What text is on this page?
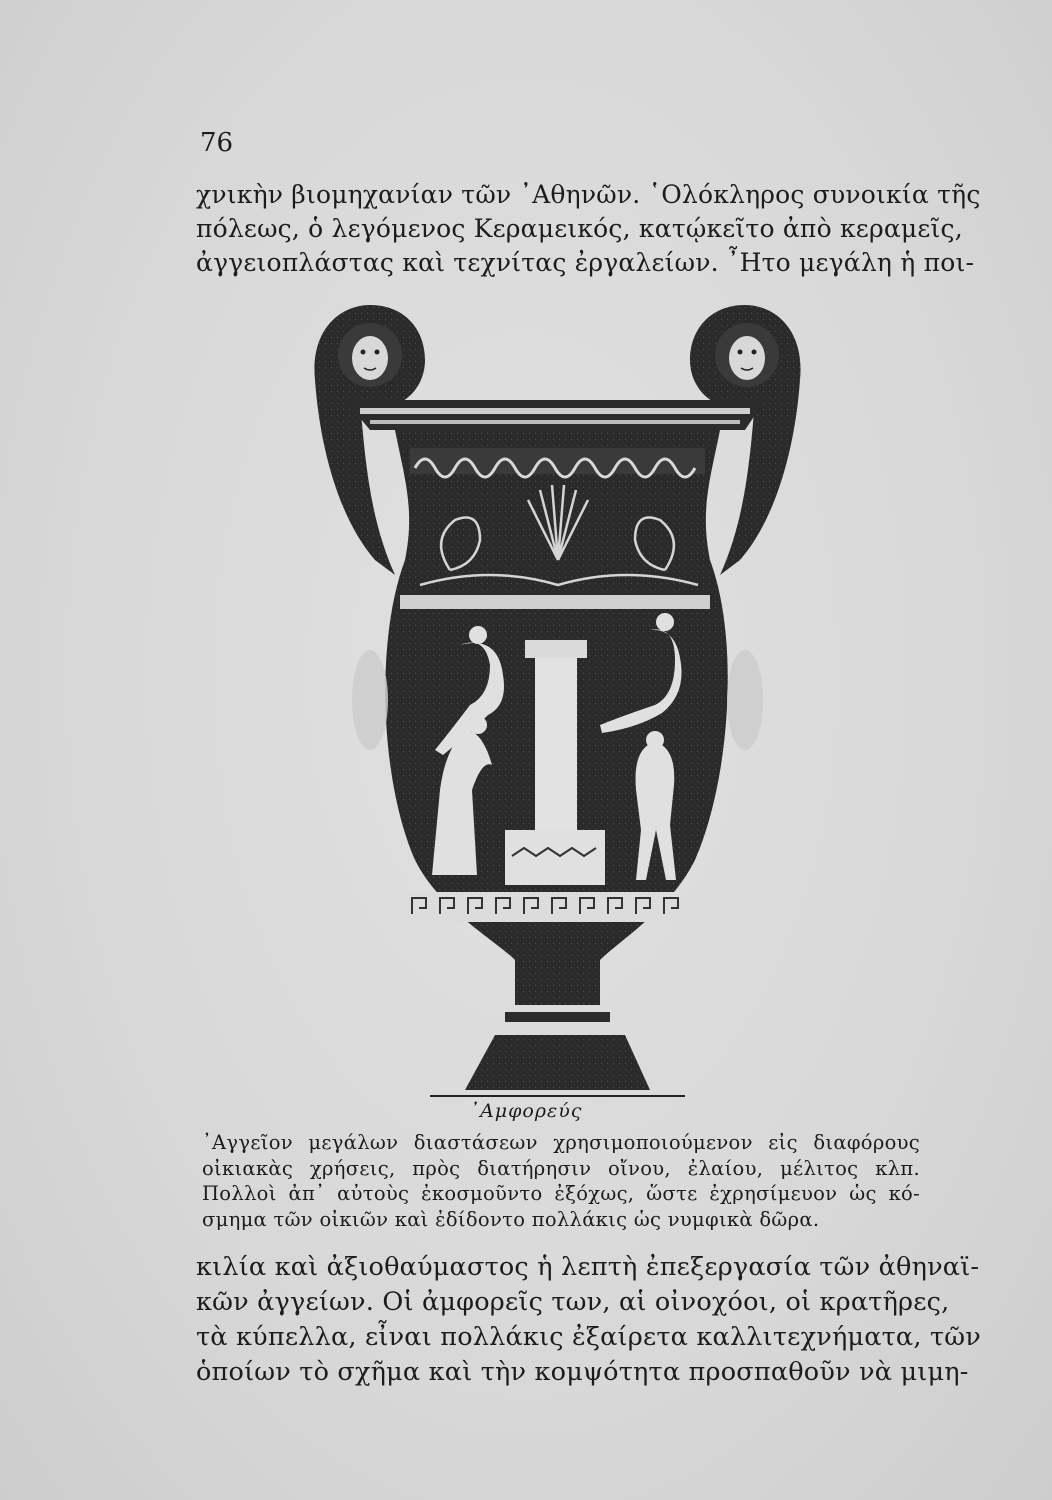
76
χνικὴν βιομηχανίαν τῶν ᾿Αθηνῶν. ῾Ολόκληρος συνοικία τῆς
πόλεως, ὁ λεγόμενος Κεραμεικός, κατῴκεῖτο ἀπὸ κεραμεῖς,
ἀγγειοπλάστας καὶ τεχνίτας ἐργαλείων. ῏Ητο μεγάλη ἡ ποι-
᾿Αμφορεύς
᾿Αγγεῖον μεγάλων διαστάσεων χρησιμοποιούμενον εἰς διαφόρους
οἰκιακὰς χρήσεις, πρὸς διατήρησιν οἴνου, ἐλαίου, μέλιτος κλπ.
Πολλοὶ ἀπ᾿ αὐτοὺς ἐκοσμοῦντο ἐξόχως, ὥστε ἐχρησίμευον ὡς κό-
σμημα τῶν οἰκιῶν καὶ ἐδίδοντο πολλάκις ὡς νυμφικὰ δῶρα.
κιλία καὶ ἀξιοθαύμαστος ἡ λεπτὴ ἐπεξεργασία τῶν ἀθηναϊ-
κῶν ἀγγείων. Οἱ ἀμφορεῖς των, αἱ οἰνοχόοι, οἱ κρατῆρες,
τὰ κύπελλα, εἶναι πολλάκις ἐξαίρετα καλλιτεχνήματα, τῶν
ὁποίων τὸ σχῆμα καὶ τὴν κομψότητα προσπαθοῦν νὰ μιμη-
